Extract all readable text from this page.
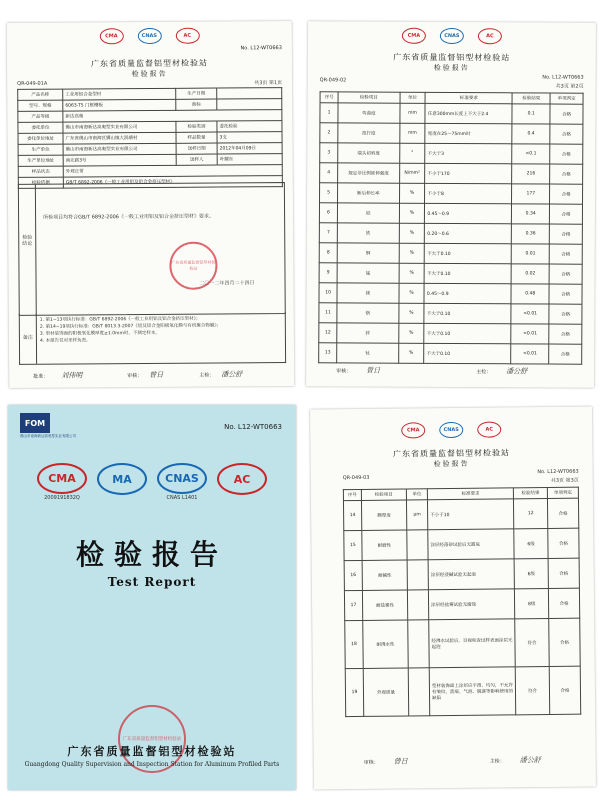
CMA	CNAS	AC
No. L12-WT0663
广东省质量监督铝型材检验站
检验报告
QR-049-01A	共3页 第1页
产品名称	工业用铝合金型材	生产日期	
型号、规格	6063-T5 门框槽板	商标	
产品等级	新达高奥		
委托单位	佛山市南海新达高奥型实业有限公司	检验类别	委托检验
委托单位地址	广东省佛山市南海区狮山镇大涡塘村	样品数量	3支
生产单位	佛山市南海新达高奥型实业有限公司	送样日期	2012年04月09日
生产单位地址	南北路3号	送样人	叶耀东
样品状态	外观正常		
检验依据	GB/T 6892-2006《一般工业用铝及铝合金挤压型材》		
检验结论
所检项目均符合GB/T 6892-2006《一般工业用铝及铝合金挤压型材》要求。
二〇一二年四月二十四日
广东省质量监督铝型材检验站
备注
1. 第1~13项执行标准：GB/T 6892-2006《一般工业用铝及铝合金挤压型材》；
2. 第14~19项执行标准：GB/T 8013.3-2007《铝及铝合金阳极氧化膜与有机聚合物膜》；
3. 型材装饰面的阳极氧化膜厚度≥1.0mm时，不测定样本。
4. 本报告仅对来样负责。
批准： 刘伟明	审核： 曾日	主检： 潘公舒
CMA	CNAS	AC
广东省质量监督铝型材检验站
检验报告
QR-049-02	No. L12-WT0663
共3页 第2页
序号	检验项目	单位	标准要求	检验结果	单项判定
1	弯曲度	mm	任意300mm长度上不大于2.4	0.1	合格
2	扭拧度	mm	宽度在25～75mm时	0.4	合格
3	端头切斜度	°	不大于3	<0.1	合格
4	规定非比例延伸强度	N/mm²	不小于170	216	合格
5	断后伸长率	%	不小于8	177	合格
6	硅	%	0.45～0.9	0.34	合格
7	铁	%	0.20～0.6	0.36	合格
8	铜	%	不大于0.10	0.01	合格
9	锰	%	不大于0.10	0.02	合格
10	镁	%	0.45～0.9	0.48	合格
11	铬	%	不大于0.10	<0.01	合格
12	锌	%	不大于0.10	<0.01	合格
13	钛	%	不大于0.10	<0.01	合格
审核： 曾日	主检： 潘公舒
FOM
佛山市南海新达高奥型实业有限公司
No. L12-WT0663
CMA
2009191832Q
MA	CNAS
CNAS L1401
AC
检验报告
Test Report
广东省质量监督铝型材检验站
广东省质量监督铝型材检验站
Guangdong Quality Supervision and Inspection Station for Aluminum Profiled Parts
CMA	CNAS	AC
广东省质量监督铝型材检验站
检验报告
QR-049-03
No. L12-WT0663
共3页 第3页
序号	检验项目	单位	标准要求	检验结果	单项判定
14	膜厚度	μm	不小于10	12	合格
15	耐磨性		涂层经落砂试验后无露底	6级	合格
16	耐碱性		涂层经浸碱试验无起泡	6级	合格
17	耐盐雾性		涂层经盐雾试验无腐蚀	8级	合格
18	耐沸水性		经沸水试验后，目视检查试样表面涂层无起泡	符合	合格
19	外观质量		型材装饰面上涂层应平滑、均匀，不允许有皱纹、流痕、气泡、脱落等影响使用的缺陷	符合	合格
审核： 曾日	主检： 潘公舒
